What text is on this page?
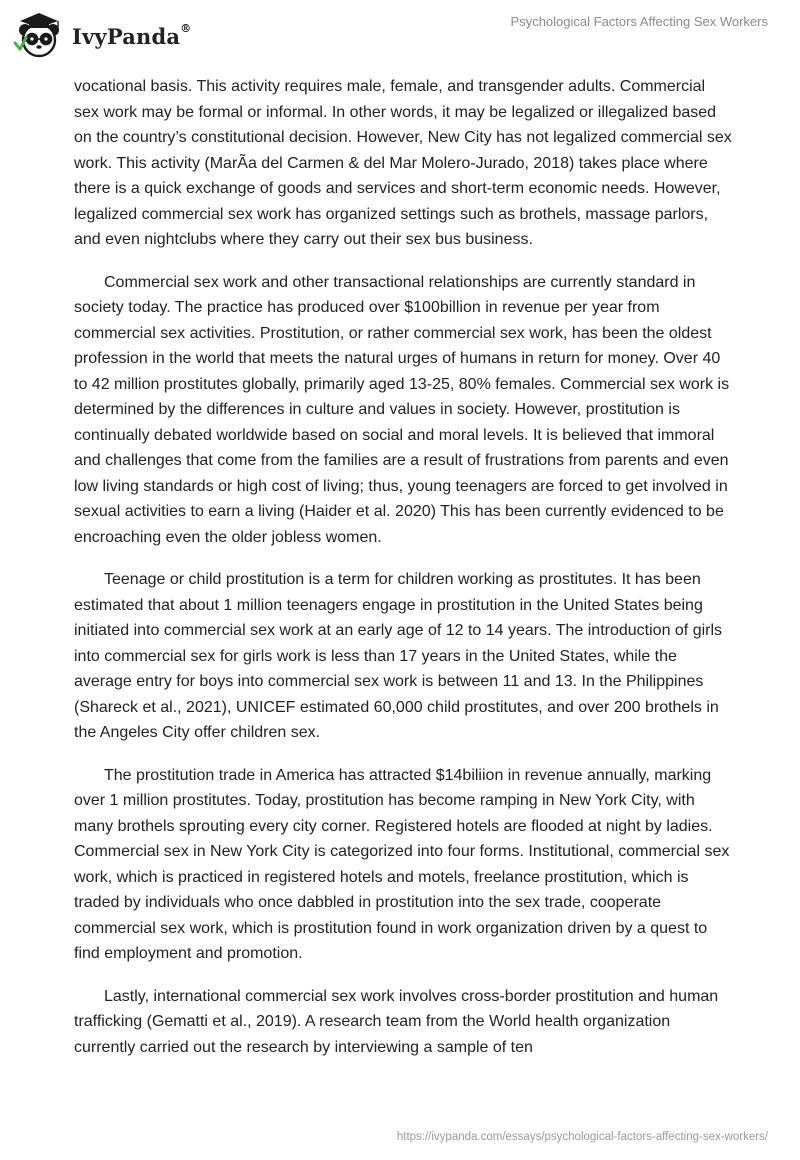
IvyPanda®	Psychological Factors Affecting Sex Workers

vocational basis. This activity requires male, female, and transgender adults. Commercial sex work may be formal or informal. In other words, it may be legalized or illegalized based on the country’s constitutional decision. However, New City has not legalized commercial sex work. This activity (MarÃa del Carmen & del Mar Molero-Jurado, 2018) takes place where there is a quick exchange of goods and services and short-term economic needs. However, legalized commercial sex work has organized settings such as brothels, massage parlors, and even nightclubs where they carry out their sex bus business.

Commercial sex work and other transactional relationships are currently standard in society today. The practice has produced over $100billion in revenue per year from commercial sex activities. Prostitution, or rather commercial sex work, has been the oldest profession in the world that meets the natural urges of humans in return for money. Over 40 to 42 million prostitutes globally, primarily aged 13-25, 80% females. Commercial sex work is determined by the differences in culture and values in society. However, prostitution is continually debated worldwide based on social and moral levels. It is believed that immoral and challenges that come from the families are a result of frustrations from parents and even low living standards or high cost of living; thus, young teenagers are forced to get involved in sexual activities to earn a living (Haider et al. 2020) This has been currently evidenced to be encroaching even the older jobless women.

Teenage or child prostitution is a term for children working as prostitutes. It has been estimated that about 1 million teenagers engage in prostitution in the United States being initiated into commercial sex work at an early age of 12 to 14 years. The introduction of girls into commercial sex for girls work is less than 17 years in the United States, while the average entry for boys into commercial sex work is between 11 and 13. In the Philippines (Shareck et al., 2021), UNICEF estimated 60,000 child prostitutes, and over 200 brothels in the Angeles City offer children sex.

The prostitution trade in America has attracted $14biliion in revenue annually, marking over 1 million prostitutes. Today, prostitution has become ramping in New York City, with many brothels sprouting every city corner. Registered hotels are flooded at night by ladies. Commercial sex in New York City is categorized into four forms. Institutional, commercial sex work, which is practiced in registered hotels and motels, freelance prostitution, which is traded by individuals who once dabbled in prostitution into the sex trade, cooperate commercial sex work, which is prostitution found in work organization driven by a quest to find employment and promotion.

Lastly, international commercial sex work involves cross-border prostitution and human trafficking (Gematti et al., 2019). A research team from the World health organization currently carried out the research by interviewing a sample of ten

https://ivypanda.com/essays/psychological-factors-affecting-sex-workers/
